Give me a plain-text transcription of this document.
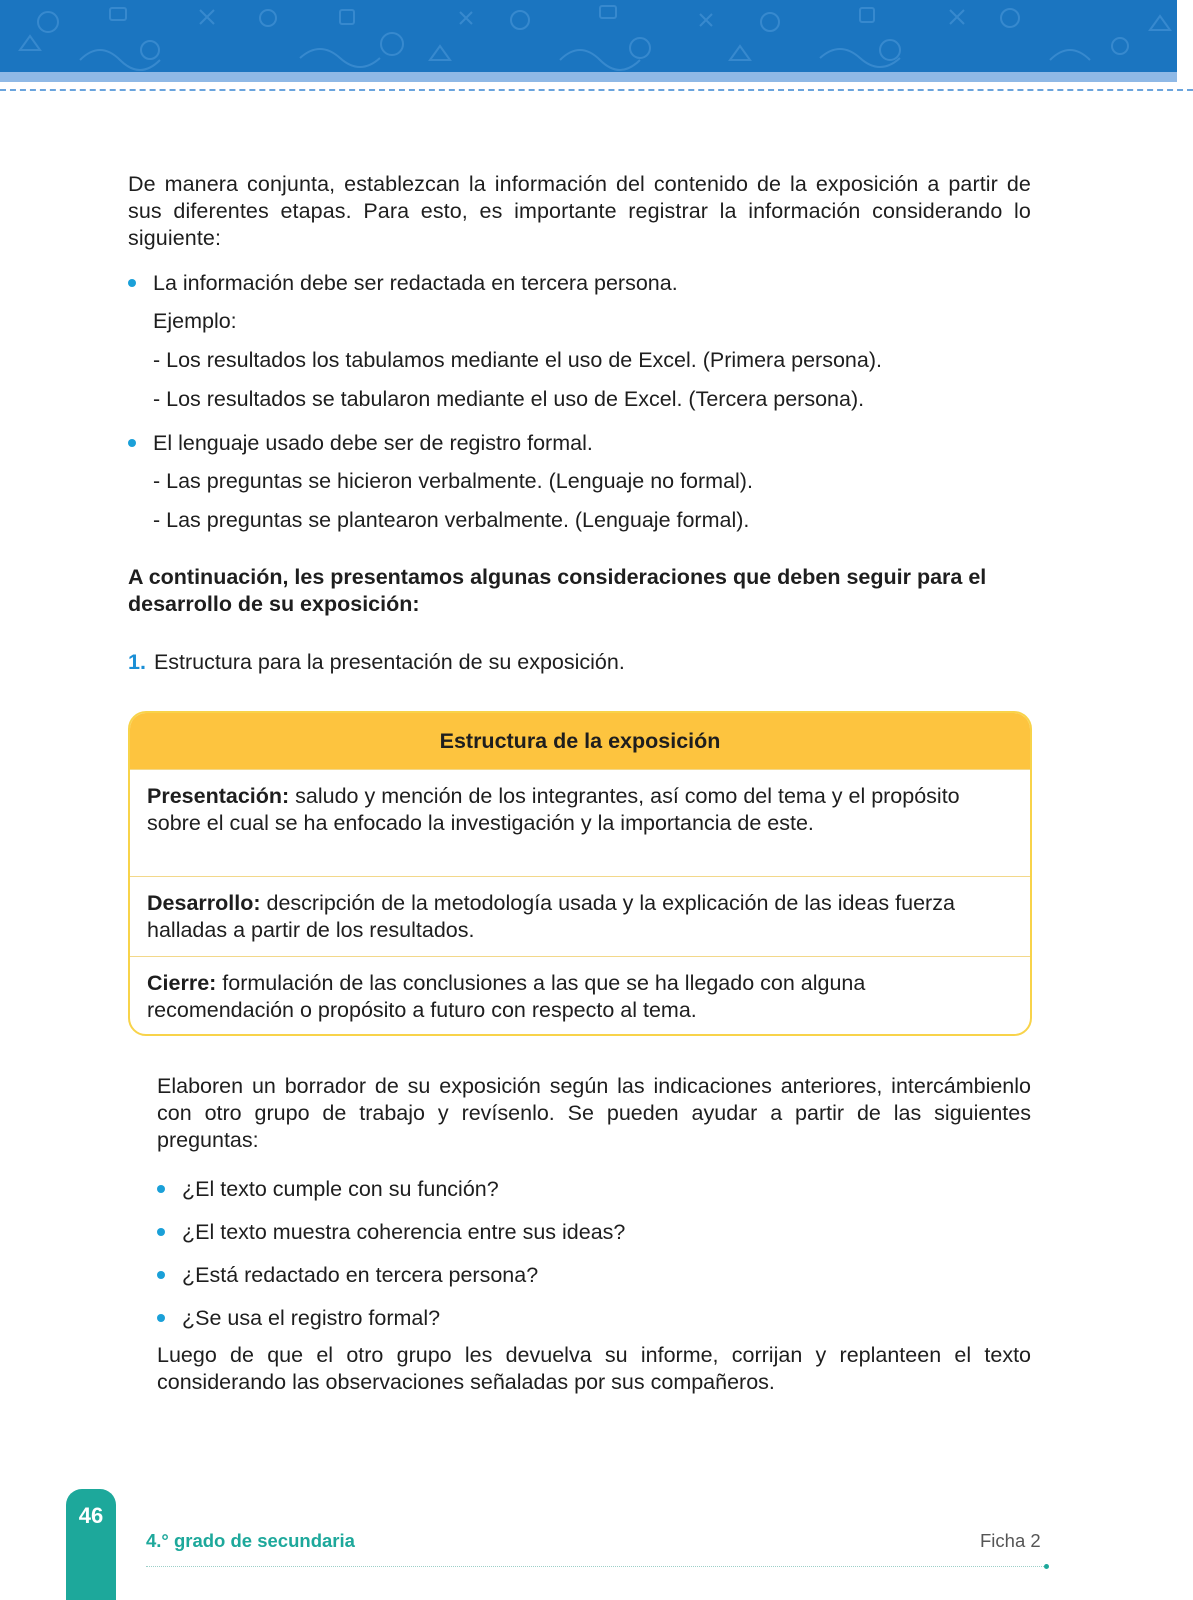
De manera conjunta, establezcan la información del contenido de la exposición a partir de sus diferentes etapas. Para esto, es importante registrar la información considerando lo siguiente:

La información debe ser redactada en tercera persona.
Ejemplo:
- Los resultados los tabulamos mediante el uso de Excel. (Primera persona).
- Los resultados se tabularon mediante el uso de Excel. (Tercera persona).
El lenguaje usado debe ser de registro formal.
- Las preguntas se hicieron verbalmente. (Lenguaje no formal).
- Las preguntas se plantearon verbalmente. (Lenguaje formal).

A continuación, les presentamos algunas consideraciones que deben seguir para el desarrollo de su exposición:

1. Estructura para la presentación de su exposición.
Estructura de la exposición
Presentación: saludo y mención de los integrantes, así como del tema y el propósito sobre el cual se ha enfocado la investigación y la importancia de este.
Desarrollo: descripción de la metodología usada y la explicación de las ideas fuerza halladas a partir de los resultados.
Cierre: formulación de las conclusiones a las que se ha llegado con alguna recomendación o propósito a futuro con respecto al tema.

Elaboren un borrador de su exposición según las indicaciones anteriores, intercámbienlo con otro grupo de trabajo y revísenlo. Se pueden ayudar a partir de las siguientes preguntas:

¿El texto cumple con su función?
¿El texto muestra coherencia entre sus ideas?
¿Está redactado en tercera persona?
¿Se usa el registro formal?

Luego de que el otro grupo les devuelva su informe, corrijan y replanteen el texto considerando las observaciones señaladas por sus compañeros.

46
4.° grado de secundaria	Ficha 2
